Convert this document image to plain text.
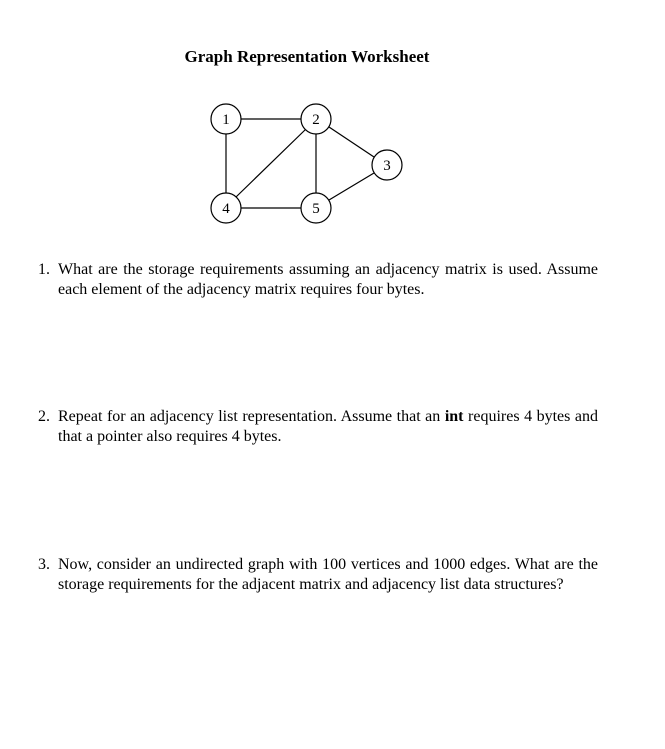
Graph Representation Worksheet
1	2
3
4	5
1. What are the storage requirements assuming an adjacency matrix is used. Assume each element of the adjacency matrix requires four bytes.
2. Repeat for an adjacency list representation. Assume that an int requires 4 bytes and that a pointer also requires 4 bytes.
3. Now, consider an undirected graph with 100 vertices and 1000 edges. What are the storage requirements for the adjacent matrix and adjacency list data structures?
